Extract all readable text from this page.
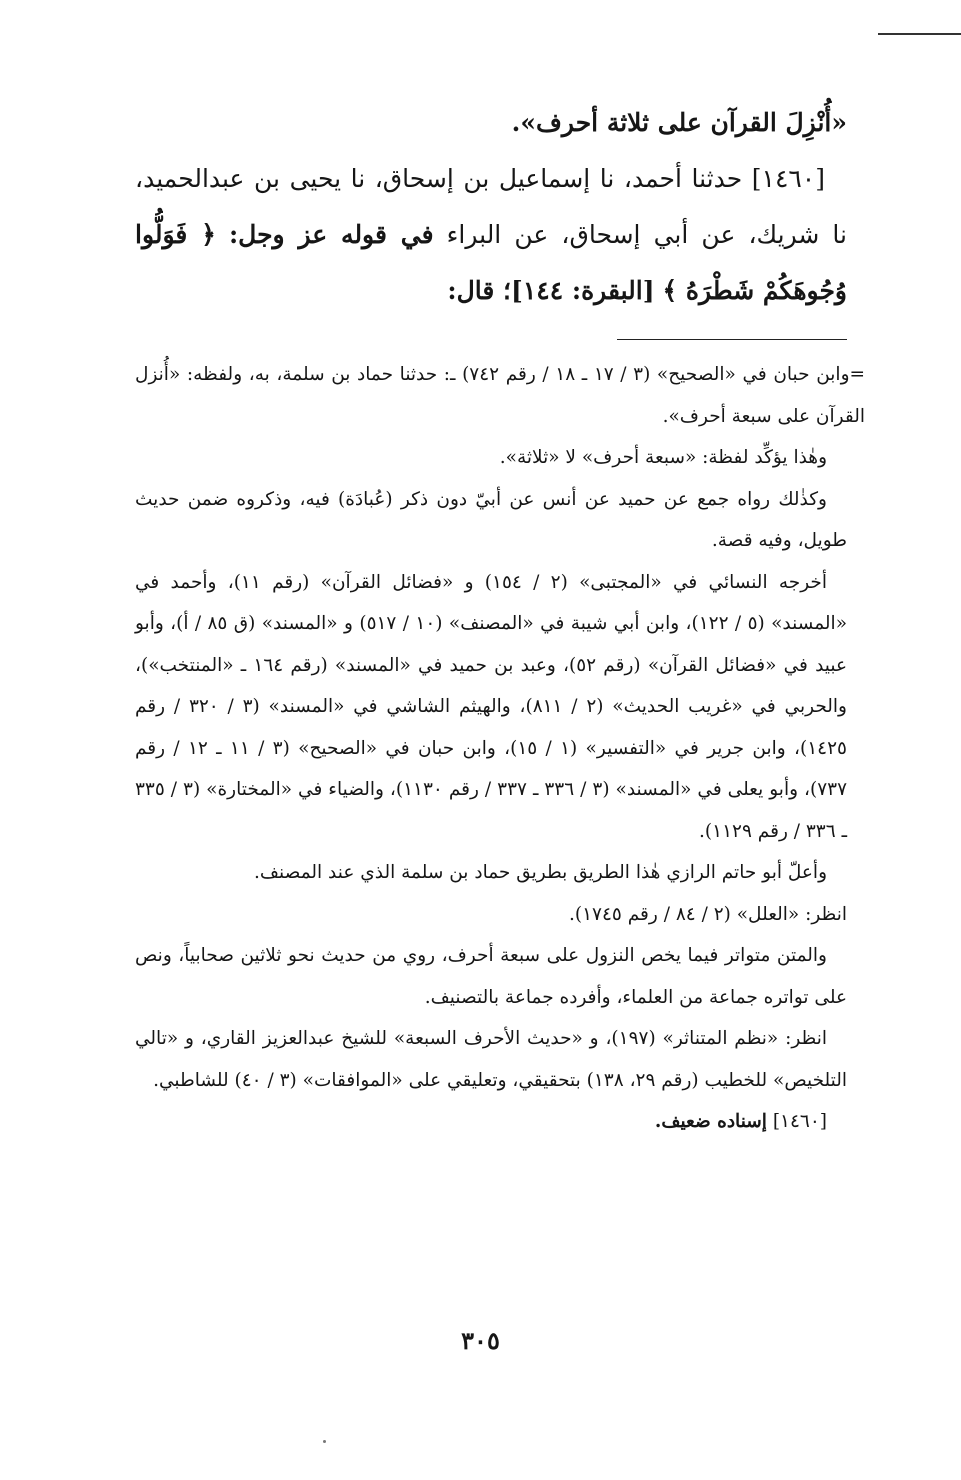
«أُنْزِلَ القرآن على ثلاثة أحرف».

[١٤٦٠] حدثنا أحمد، نا إسماعيل بن إسحاق، نا يحيى بن عبدالحميد، نا شريك، عن أبي إسحاق، عن البراء في قوله عز وجل: ﴿ فَوَلُّوا وُجُوهَكُمْ شَطْرَهُ ﴾ [البقرة: ١٤٤]؛ قال:

=وابن حبان في «الصحيح» (٣ / ١٧ ـ ١٨ / رقم ٧٤٢) ـ: حدثنا حماد بن سلمة، به، ولفظه: «أُنزل القرآن على سبعة أحرف».

وهٰذا يؤكِّد لفظة: «سبعة أحرف» لا «ثلاثة».

وكذٰلك رواه جمع عن حميد عن أنس عن أبيّ دون ذكر (عُبادَة) فيه، وذكروه ضمن حديث طويل، وفيه قصة.

أخرجه النسائي في «المجتبى» (٢ / ١٥٤) و «فضائل القرآن» (رقم ١١)، وأحمد في «المسند» (٥ / ١٢٢)، وابن أبي شيبة في «المصنف» (١٠ / ٥١٧) و «المسند» (ق ٨٥ / أ)، وأبو عبيد في «فضائل القرآن» (رقم ٥٢)، وعبد بن حميد في «المسند» (رقم ١٦٤ ـ «المنتخب»)، والحربي في «غريب الحديث» (٢ / ٨١١)، والهيثم الشاشي في «المسند» (٣ / ٣٢٠ / رقم ١٤٢٥)، وابن جرير في «التفسير» (١ / ١٥)، وابن حبان في «الصحيح» (٣ / ١١ ـ ١٢ / رقم ٧٣٧)، وأبو يعلى في «المسند» (٣ / ٣٣٦ ـ ٣٣٧ / رقم ١١٣٠)، والضياء في «المختارة» (٣ / ٣٣٥ ـ ٣٣٦ / رقم ١١٢٩).

وأعلّ أبو حاتم الرازي هٰذا الطريق بطريق حماد بن سلمة الذي عند المصنف.

انظر: «العلل» (٢ / ٨٤ / رقم ١٧٤٥).

والمتن متواتر فيما يخص النزول على سبعة أحرف، روي من حديث نحو ثلاثين صحابياً، ونص على تواتره جماعة من العلماء، وأفرده جماعة بالتصنيف.

انظر: «نظم المتناثر» (١٩٧)، و «حديث الأحرف السبعة» للشيخ عبدالعزيز القاري، و «تالي التلخيص» للخطيب (رقم ٢٩، ١٣٨) بتحقيقي، وتعليقي على «الموافقات» (٣ / ٤٠) للشاطبي.

[١٤٦٠] إسناده ضعيف.

٣٠٥
